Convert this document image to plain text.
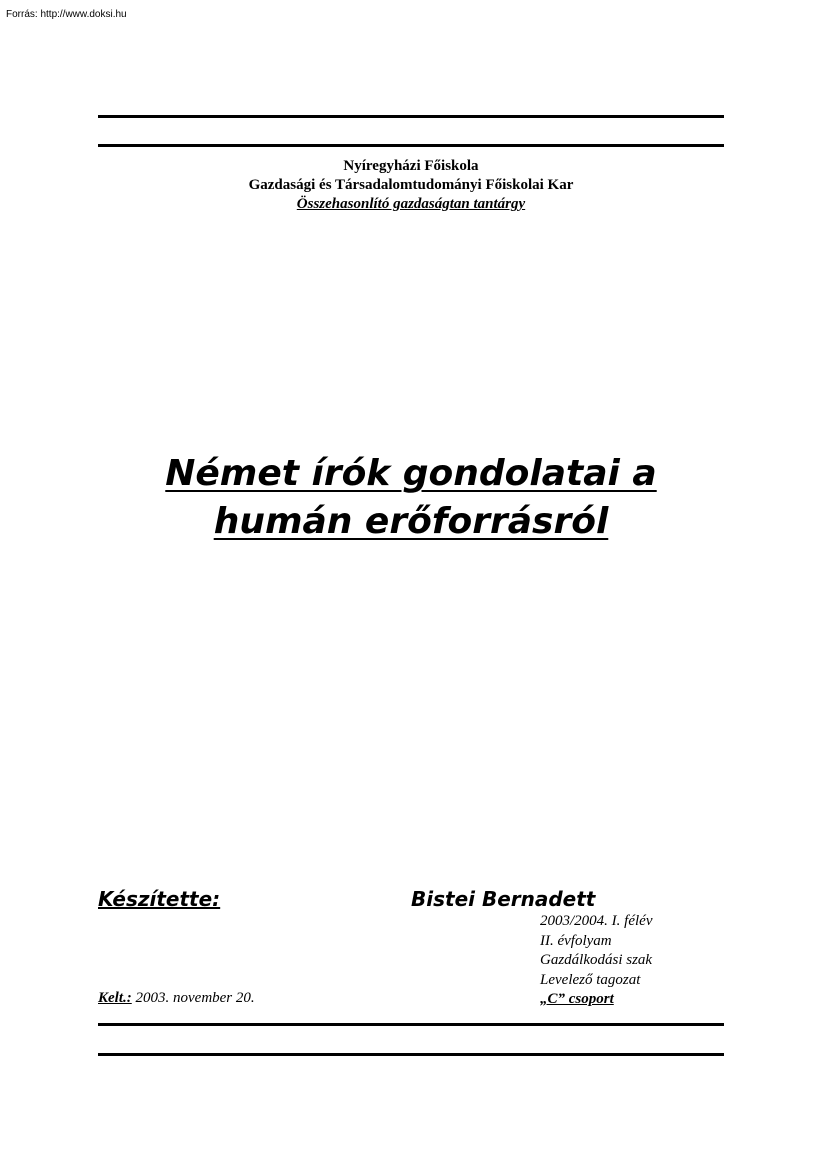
Forrás: http://www.doksi.hu
Nyíregyházi Főiskola
Gazdasági és Társadalomtudományi Főiskolai Kar
Összehasonlító gazdaságtan tantárgy
Német írók gondolatai a
humán erőforrásról
Készítette:	Bistei Bernadett
2003/2004. I. félév
II. évfolyam
Gazdálkodási szak
Levelező tagozat
„C” csoport
Kelt.: 2003. november 20.
